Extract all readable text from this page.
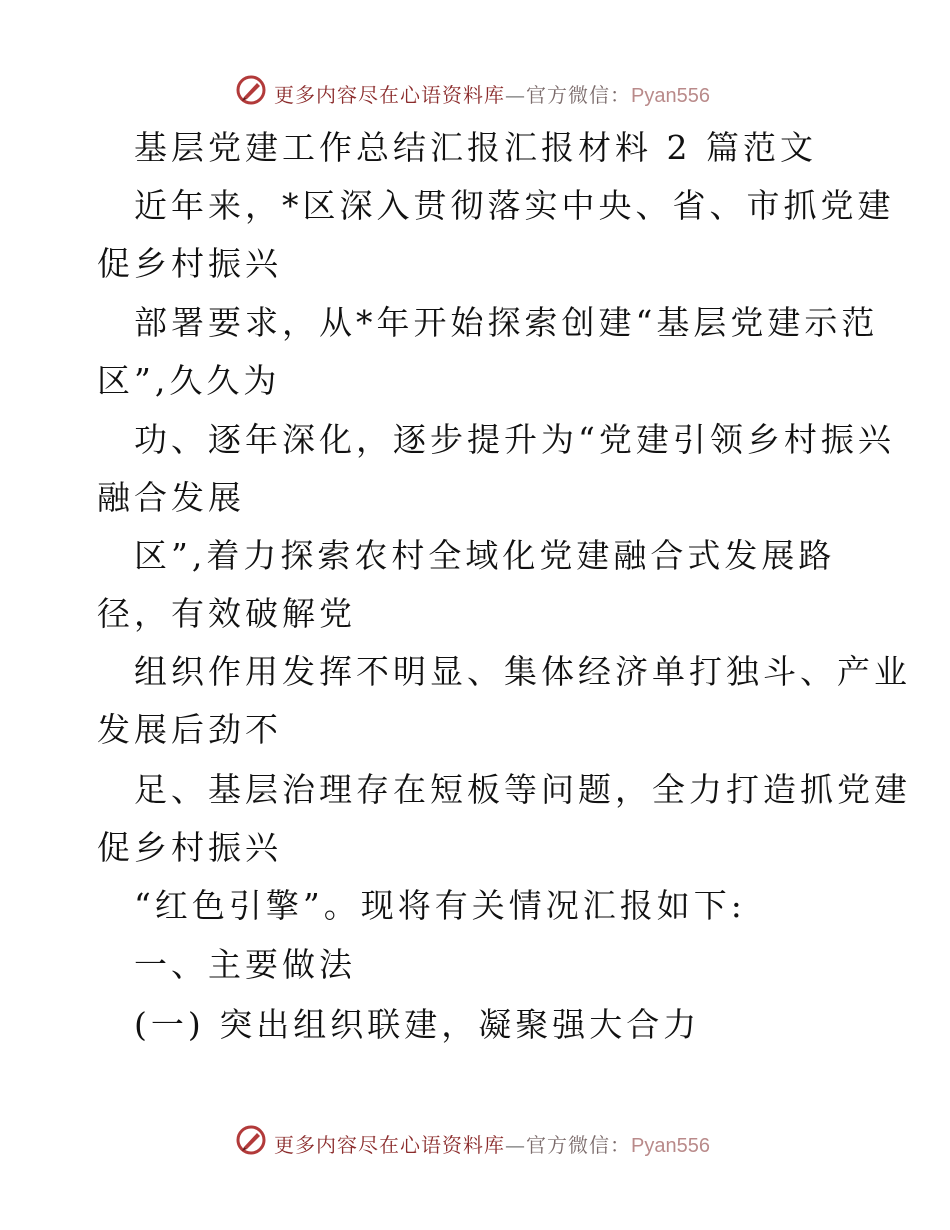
更多内容尽在心语资料库—官方微信：Pyan556
基层党建工作总结汇报汇报材料 2 篇范文
近年来，*区深入贯彻落实中央、省、市抓党建
促乡村振兴
部署要求，从*年开始探索创建“基层党建示范
区”,久久为
功、逐年深化，逐步提升为“党建引领乡村振兴
融合发展
区”,着力探索农村全域化党建融合式发展路
径，有效破解党
组织作用发挥不明显、集体经济单打独斗、产业
发展后劲不
足、基层治理存在短板等问题，全力打造抓党建
促乡村振兴
“红色引擎”。现将有关情况汇报如下:
一、主要做法
(一) 突出组织联建，凝聚强大合力
更多内容尽在心语资料库—官方微信：Pyan556
